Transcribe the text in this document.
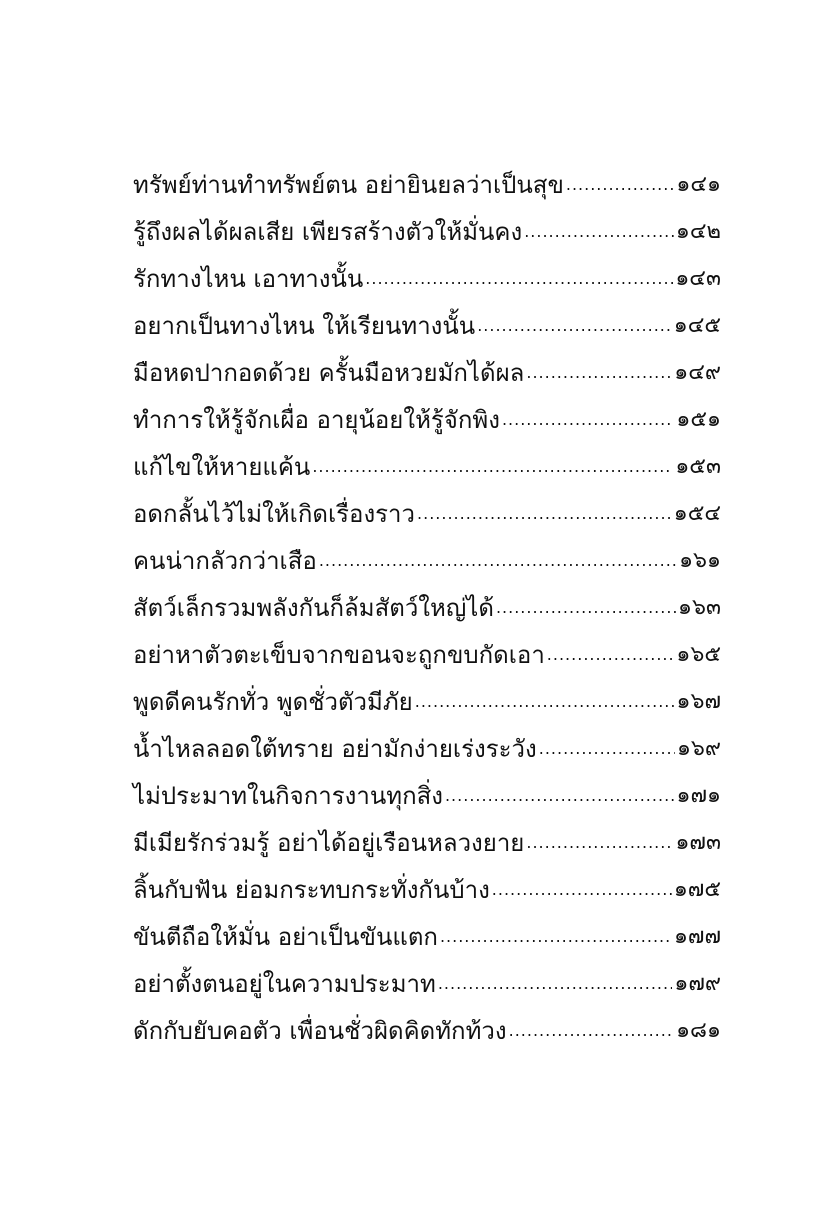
ทรัพย์ท่านทำทรัพย์ตน อย่ายินยลว่าเป็นสุข .....	๑๔๑
รู้ถึงผลได้ผลเสีย เพียรสร้างตัวให้มั่นคง .....	๑๔๒
รักทางไหน เอาทางนั้น .....	๑๔๓
อยากเป็นทางไหน ให้เรียนทางนั้น .....	๑๔๕
มือหดปากอดด้วย ครั้นมือหวยมักได้ผล .....	๑๔๙
ทำการให้รู้จักเผื่อ อายุน้อยให้รู้จักพิง .....	๑๕๑
แก้ไขให้หายแค้น .....	๑๕๓
อดกลั้นไว้ไม่ให้เกิดเรื่องราว .....	๑๕๔
คนน่ากลัวกว่าเสือ .....	๑๖๑
สัตว์เล็กรวมพลังกันก็ล้มสัตว์ใหญ่ได้ .....	๑๖๓
อย่าหาตัวตะเข็บจากขอนจะถูกขบกัดเอา .....	๑๖๕
พูดดีคนรักทั่ว พูดชั่วตัวมีภัย .....	๑๖๗
น้ำไหลลอดใต้ทราย อย่ามักง่ายเร่งระวัง .....	๑๖๙
ไม่ประมาทในกิจการงานทุกสิ่ง .....	๑๗๑
มีเมียรักร่วมรู้ อย่าได้อยู่เรือนหลวงยาย .....	๑๗๓
ลิ้นกับฟัน ย่อมกระทบกระทั่งกันบ้าง .....	๑๗๕
ขันตีถือให้มั่น อย่าเป็นขันแตก .....	๑๗๗
อย่าตั้งตนอยู่ในความประมาท .....	๑๗๙
ดักกับยับคอตัว เพื่อนชั่วผิดคิดทักท้วง .....	๑๘๑
